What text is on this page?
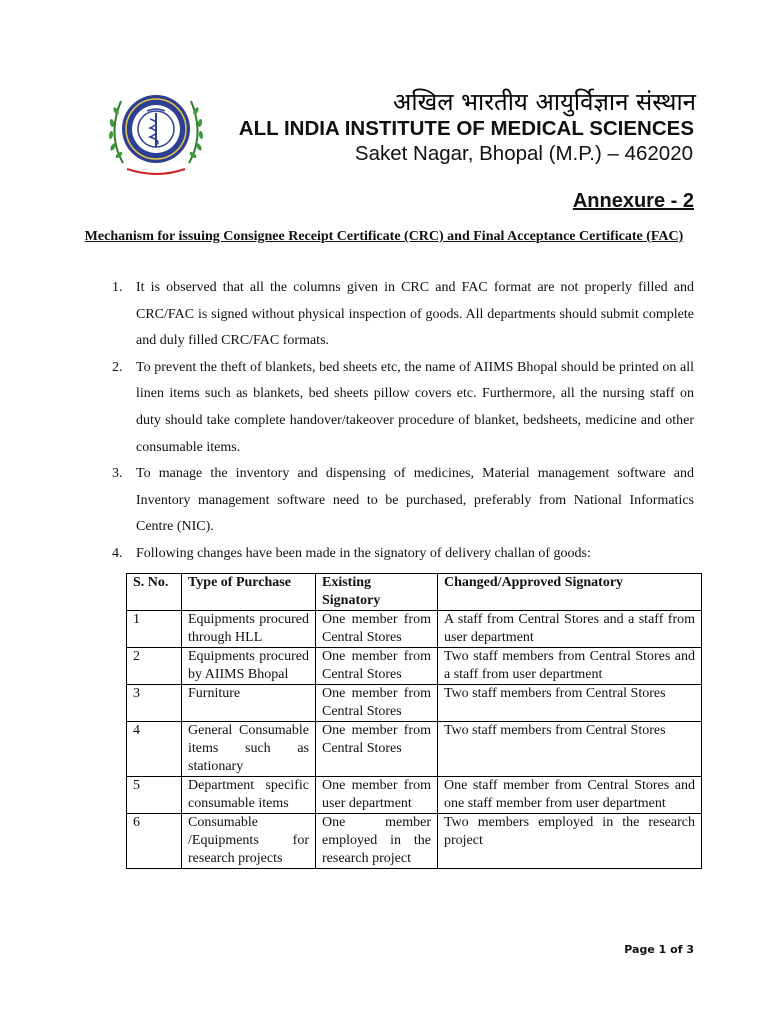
अखिल भारतीय आयुर्विज्ञान संस्थान
ALL INDIA INSTITUTE OF MEDICAL SCIENCES
Saket Nagar, Bhopal (M.P.) – 462020
Annexure - 2
Mechanism for issuing Consignee Receipt Certificate (CRC) and Final Acceptance Certificate (FAC)
1. It is observed that all the columns given in CRC and FAC format are not properly filled and CRC/FAC is signed without physical inspection of goods. All departments should submit complete and duly filled CRC/FAC formats.
2. To prevent the theft of blankets, bed sheets etc, the name of AIIMS Bhopal should be printed on all linen items such as blankets, bed sheets pillow covers etc. Furthermore, all the nursing staff on duty should take complete handover/takeover procedure of blanket, bedsheets, medicine and other consumable items.
3. To manage the inventory and dispensing of medicines, Material management software and Inventory management software need to be purchased, preferably from National Informatics Centre (NIC).
4. Following changes have been made in the signatory of delivery challan of goods:
S. No.	Type of Purchase	Existing Signatory	Changed/Approved Signatory
1	Equipments procured through HLL	One member from Central Stores	A staff from Central Stores and a staff from user department
2	Equipments procured by AIIMS Bhopal	One member from Central Stores	Two staff members from Central Stores and a staff from user department
3	Furniture	One member from Central Stores	Two staff members from Central Stores
4	General Consumable items such as stationary	One member from Central Stores	Two staff members from Central Stores
5	Department specific consumable items	One member from user department	One staff member from Central Stores and one staff member from user department
6	Consumable /Equipments for research projects	One member employed in the research project	Two members employed in the research project
Page 1 of 3
